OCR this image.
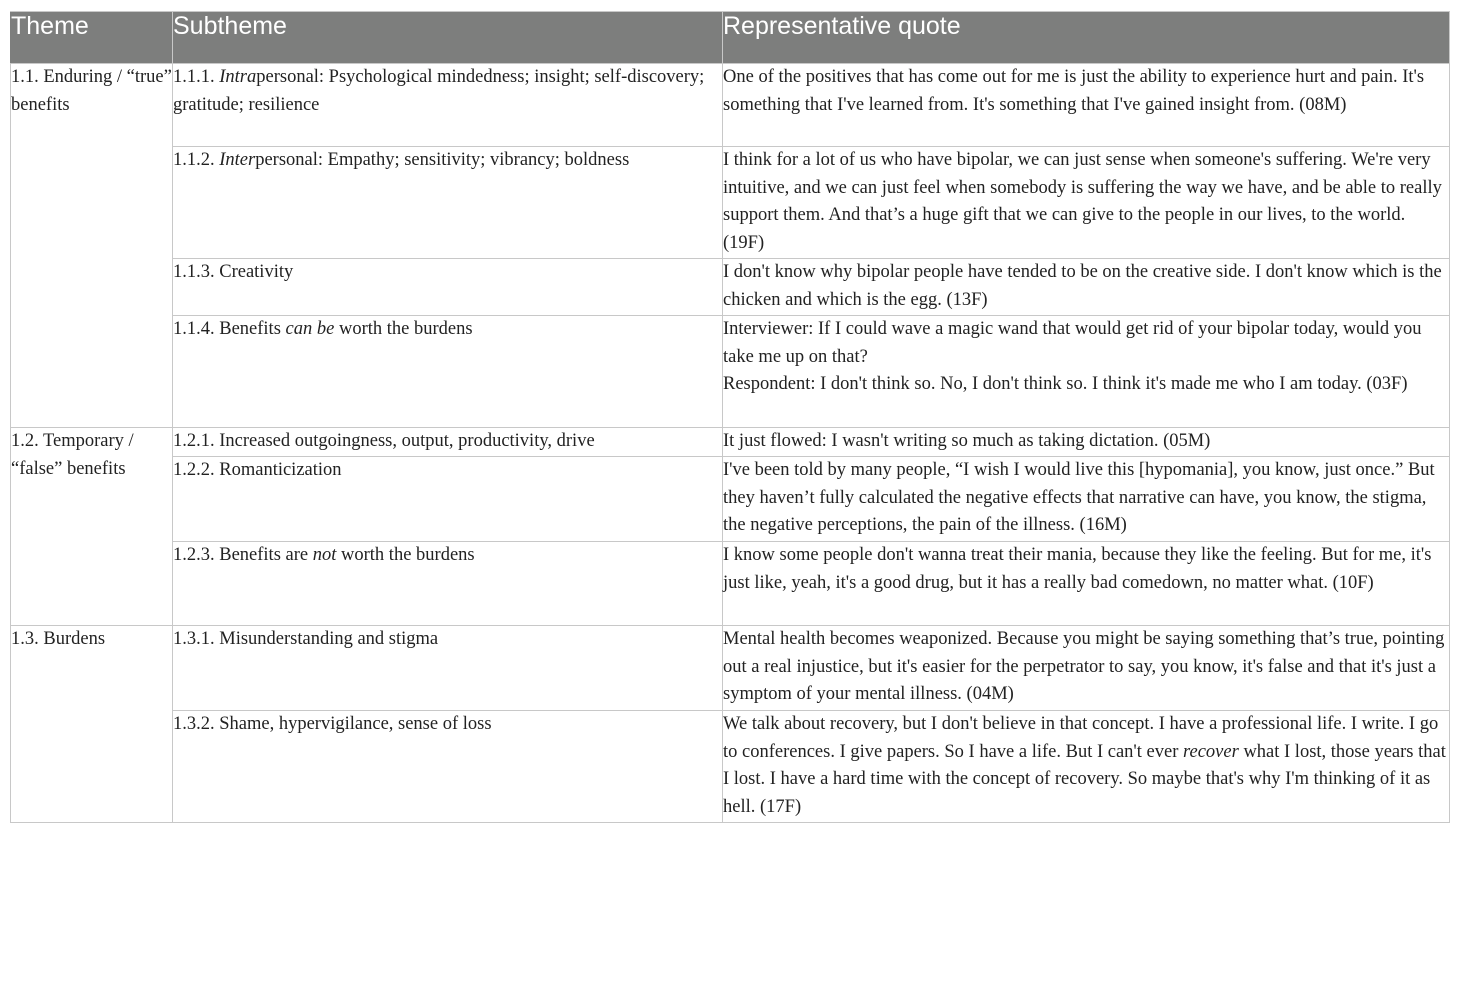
Theme	Subtheme	Representative quote
1.1. Enduring / “true” benefits	1.1.1. Intrapersonal: Psychological mindedness; insight; self-discovery; gratitude; resilience	One of the positives that has come out for me is just the ability to experience hurt and pain. It's something that I've learned from. It's something that I've gained insight from. (08M)
	1.1.2. Interpersonal: Empathy; sensitivity; vibrancy; boldness	I think for a lot of us who have bipolar, we can just sense when someone's suffering. We're very intuitive, and we can just feel when somebody is suffering the way we have, and be able to really support them. And that’s a huge gift that we can give to the people in our lives, to the world. (19F)
	1.1.3. Creativity	I don't know why bipolar people have tended to be on the creative side. I don't know which is the chicken and which is the egg. (13F)
	1.1.4. Benefits can be worth the burdens	Interviewer: If I could wave a magic wand that would get rid of your bipolar today, would you take me up on that?
Respondent: I don't think so. No, I don't think so. I think it's made me who I am today. (03F)

1.2. Temporary / “false” benefits	1.2.1. Increased outgoingness, output, productivity, drive	It just flowed: I wasn't writing so much as taking dictation. (05M)
	1.2.2. Romanticization	I've been told by many people, “I wish I would live this [hypomania], you know, just once.” But they haven’t fully calculated the negative effects that narrative can have, you know, the stigma, the negative perceptions, the pain of the illness. (16M)
	1.2.3. Benefits are not worth the burdens	I know some people don't wanna treat their mania, because they like the feeling. But for me, it's just like, yeah, it's a good drug, but it has a really bad comedown, no matter what. (10F)
1.3. Burdens	1.3.1. Misunderstanding and stigma	Mental health becomes weaponized. Because you might be saying something that’s true, pointing out a real injustice, but it's easier for the perpetrator to say, you know, it's false and that it's just a symptom of your mental illness. (04M)
	1.3.2. Shame, hypervigilance, sense of loss	We talk about recovery, but I don't believe in that concept. I have a professional life. I write. I go to conferences. I give papers. So I have a life. But I can't ever recover what I lost, those years that I lost. I have a hard time with the concept of recovery. So maybe that's why I'm thinking of it as hell. (17F)
